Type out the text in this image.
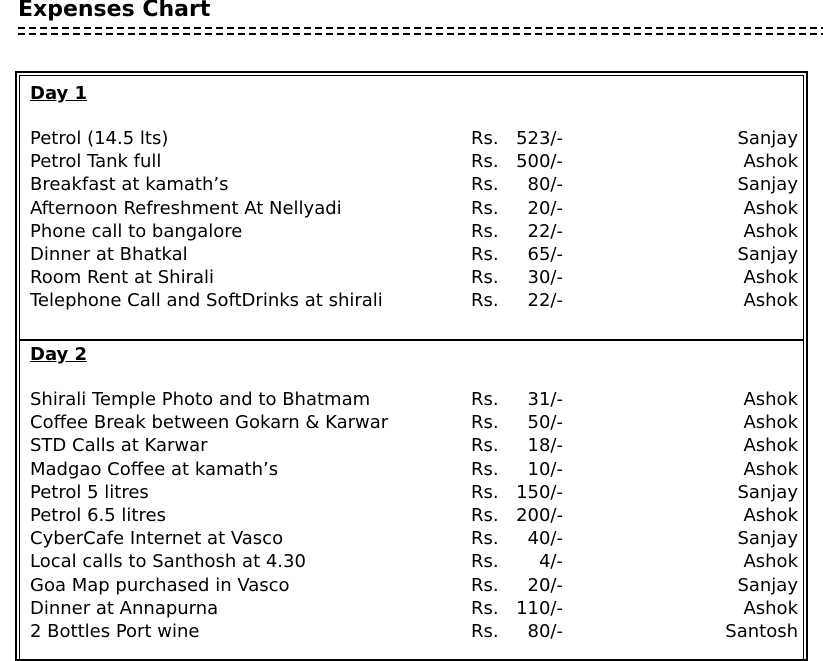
Expenses Chart
Day 1
Petrol (14.5 lts)	Rs. 523/-	Sanjay
Petrol Tank full	Rs. 500/-	Ashok
Breakfast at kamath’s	Rs. 80/-	Sanjay
Afternoon Refreshment At Nellyadi	Rs. 20/-	Ashok
Phone call to bangalore	Rs. 22/-	Ashok
Dinner at Bhatkal	Rs. 65/-	Sanjay
Room Rent at Shirali	Rs. 30/-	Ashok
Telephone Call and SoftDrinks at shirali	Rs. 22/-	Ashok
Day 2
Shirali Temple Photo and to Bhatmam	Rs. 31/-	Ashok
Coffee Break between Gokarn & Karwar	Rs. 50/-	Ashok
STD Calls at Karwar	Rs. 18/-	Ashok
Madgao Coffee at kamath’s	Rs. 10/-	Ashok
Petrol 5 litres	Rs. 150/-	Sanjay
Petrol 6.5 litres	Rs. 200/-	Ashok
CyberCafe Internet at Vasco	Rs. 40/-	Sanjay
Local calls to Santhosh at 4.30	Rs. 4/-	Ashok
Goa Map purchased in Vasco	Rs. 20/-	Sanjay
Dinner at Annapurna	Rs. 110/-	Ashok
2 Bottles Port wine	Rs. 80/-	Santosh
